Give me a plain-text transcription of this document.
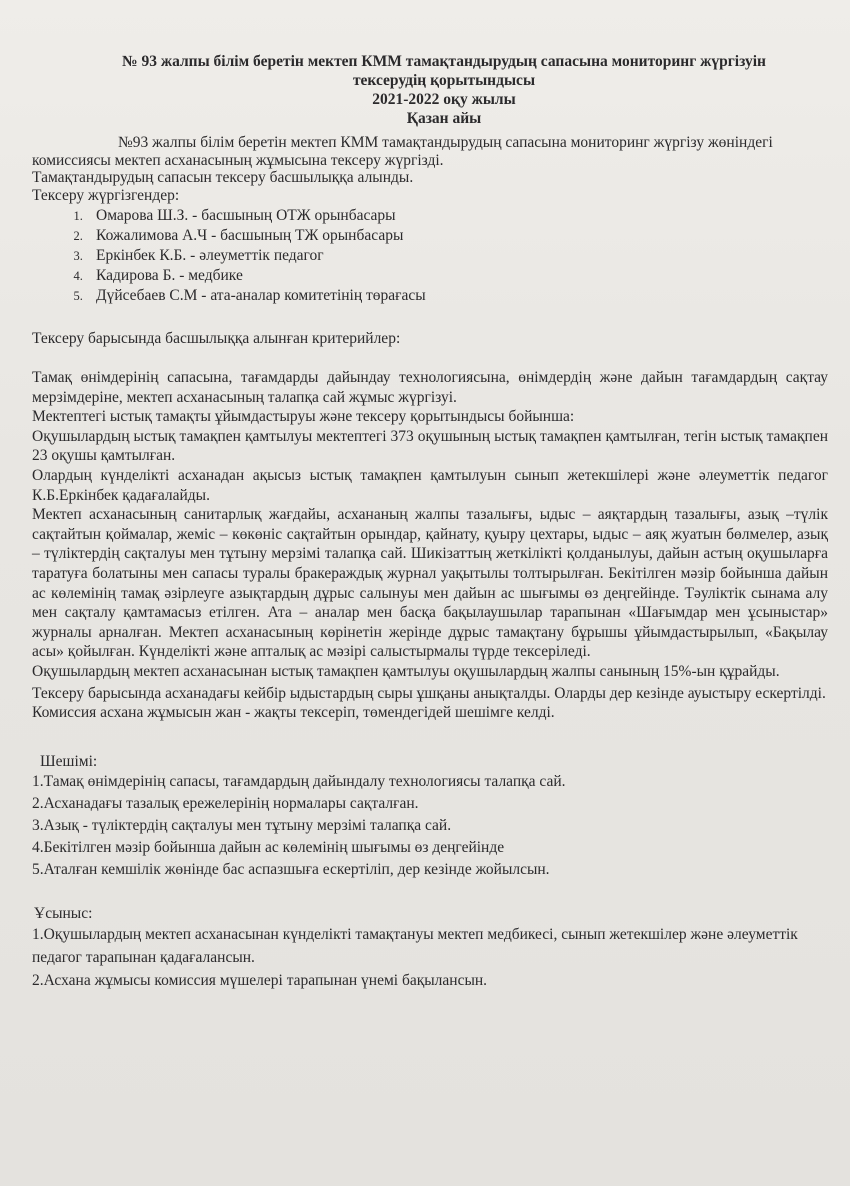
№ 93 жалпы білім беретін мектеп КММ тамақтандырудың сапасына мониторинг жүргізуін
тексерудің қорытындысы
2021-2022 оқу жылы
Қазан айы
№93 жалпы білім беретін мектеп КММ тамақтандырудың сапасына мониторинг жүргізу жөніндегі комиссиясы мектеп асханасының жұмысына тексеру жүргізді.
Тамақтандырудың сапасын тексеру басшылыққа алынды.
Тексеру жүргізгендер:
1. Омарова Ш.З. - басшының ОТЖ орынбасары
2. Кожалимова А.Ч - басшының ТЖ орынбасары
3. Еркінбек К.Б. - әлеуметтік педагог
4. Кадирова Б. - медбике
5. Дүйсебаев С.М - ата-аналар комитетінің төрағасы
Тексеру барысында басшылыққа алынған критерийлер:

Тамақ өнімдерінің сапасына, тағамдарды дайындау технологиясына, өнімдердің және дайын тағамдардың сақтау мерзімдеріне, мектеп асханасының талапқа сай жұмыс жүргізуі.

Мектептегі ыстық тамақты ұйымдастыруы және тексеру қорытындысы бойынша:

Оқушылардың ыстық тамақпен қамтылуы мектептегі 373 оқушының ыстық тамақпен қамтылған, тегін ыстық тамақпен 23 оқушы қамтылған.

Олардың күнделікті асханадан ақысыз ыстық тамақпен қамтылуын сынып жетекшілері және әлеуметтік педагог К.Б.Еркінбек қадағалайды.

Мектеп асханасының санитарлық жағдайы, асхананың жалпы тазалығы, ыдыс – аяқтардың тазалығы, азық –түлік сақтайтын қоймалар, жеміс – көкөніс сақтайтын орындар, қайнату, қуыру цехтары, ыдыс – аяқ жуатын бөлмелер, азық – түліктердің сақталуы мен тұтыну мерзімі талапқа сай. Шикізаттың жеткілікті қолданылуы, дайын астың оқушыларға таратуға болатыны мен сапасы туралы бракераждық журнал уақытылы толтырылған. Бекітілген мәзір бойынша дайын ас көлемінің тамақ әзірлеуге азықтардың дұрыс салынуы мен дайын ас шығымы өз деңгейінде. Тәуліктік сынама алу мен сақталу қамтамасыз етілген. Ата – аналар мен басқа бақылаушылар тарапынан «Шағымдар мен ұсыныстар» журналы арналған. Мектеп асханасының көрінетін жерінде дұрыс тамақтану бұрышы ұйымдастырылып, «Бақылау асы» қойылған. Күнделікті және апталық ас мәзірі салыстырмалы түрде тексеріледі.

Оқушылардың мектеп асханасынан ыстық тамақпен қамтылуы оқушылардың жалпы санының 15%-ын құрайды.

Тексеру барысында асханадағы кейбір ыдыстардың сыры ұшқаны анықталды. Оларды дер кезінде ауыстыру ескертілді.

Комиссия асхана жұмысын жан - жақты тексеріп, төмендегідей шешімге келді.

Шешімі:

1.Тамақ өнімдерінің сапасы, тағамдардың дайындалу технологиясы талапқа сай.

2.Асханадағы тазалық ережелерінің нормалары сақталған.

3.Азық - түліктердің сақталуы мен тұтыну мерзімі талапқа сай.

4.Бекітілген мәзір бойынша дайын ас көлемінің шығымы өз деңгейінде

5.Аталған кемшілік жөнінде бас аспазшыға ескертіліп, дер кезінде жойылсын.

Ұсыныс:

1.Оқушылардың мектеп асханасынан күнделікті тамақтануы мектеп медбикесі, сынып жетекшілер және әлеуметтік педагог тарапынан қадағалансын.

2.Асхана жұмысы комиссия мүшелері тарапынан үнемі бақылансын.
